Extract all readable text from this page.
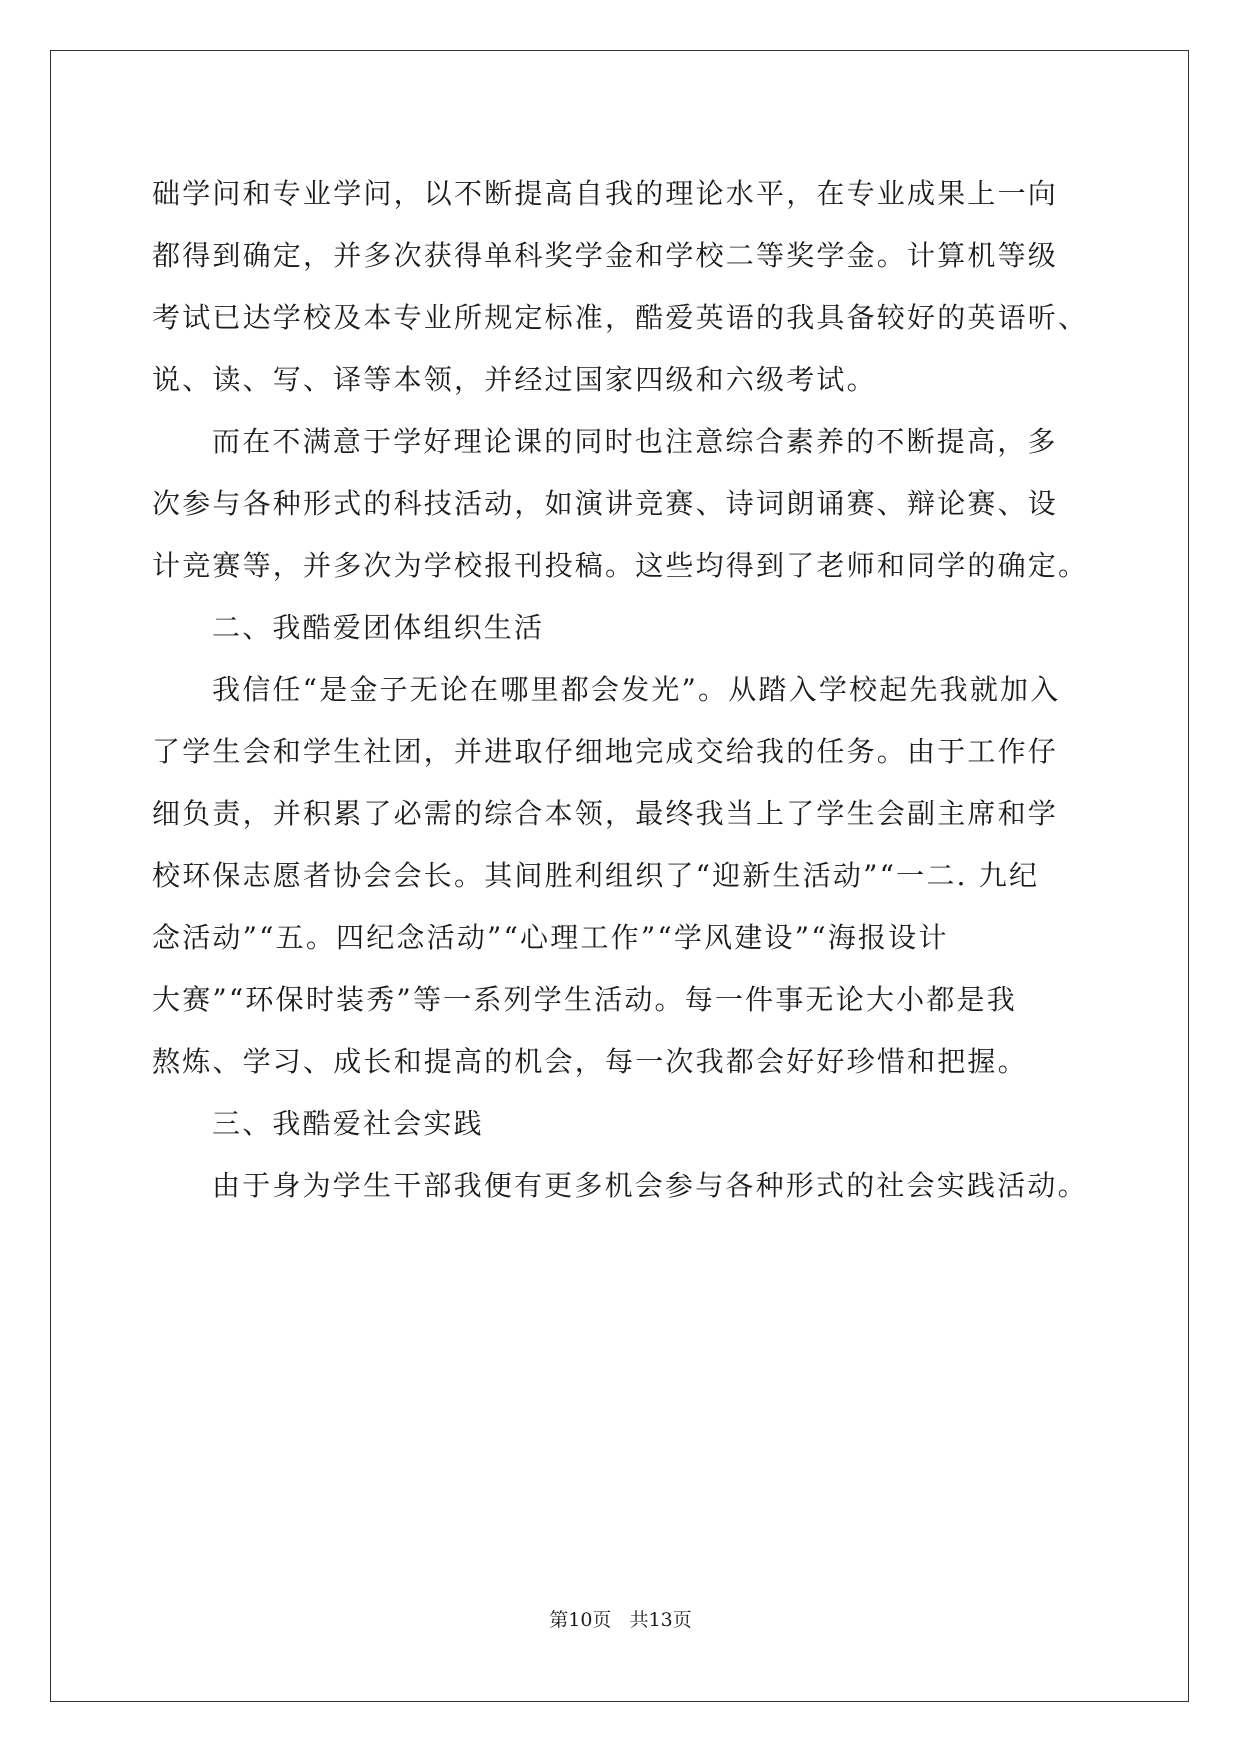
础学问和专业学问，以不断提高自我的理论水平，在专业成果上一向
都得到确定，并多次获得单科奖学金和学校二等奖学金。计算机等级
考试已达学校及本专业所规定标准，酷爱英语的我具备较好的英语听、
说、读、写、译等本领，并经过国家四级和六级考试。
而在不满意于学好理论课的同时也注意综合素养的不断提高，多
次参与各种形式的科技活动，如演讲竞赛、诗词朗诵赛、辩论赛、设
计竞赛等，并多次为学校报刊投稿。这些均得到了老师和同学的确定。
二、我酷爱团体组织生活
我信任“是金子无论在哪里都会发光”。从踏入学校起先我就加入
了学生会和学生社团，并进取仔细地完成交给我的任务。由于工作仔
细负责，并积累了必需的综合本领，最终我当上了学生会副主席和学
校环保志愿者协会会长。其间胜利组织了“迎新生活动”“一二. 九纪
念活动”“五。四纪念活动”“心理工作”“学风建设”“海报设计
大赛”“环保时装秀”等一系列学生活动。每一件事无论大小都是我
熬炼、学习、成长和提高的机会，每一次我都会好好珍惜和把握。
三、我酷爱社会实践
由于身为学生干部我便有更多机会参与各种形式的社会实践活动。
第10页 共13页
